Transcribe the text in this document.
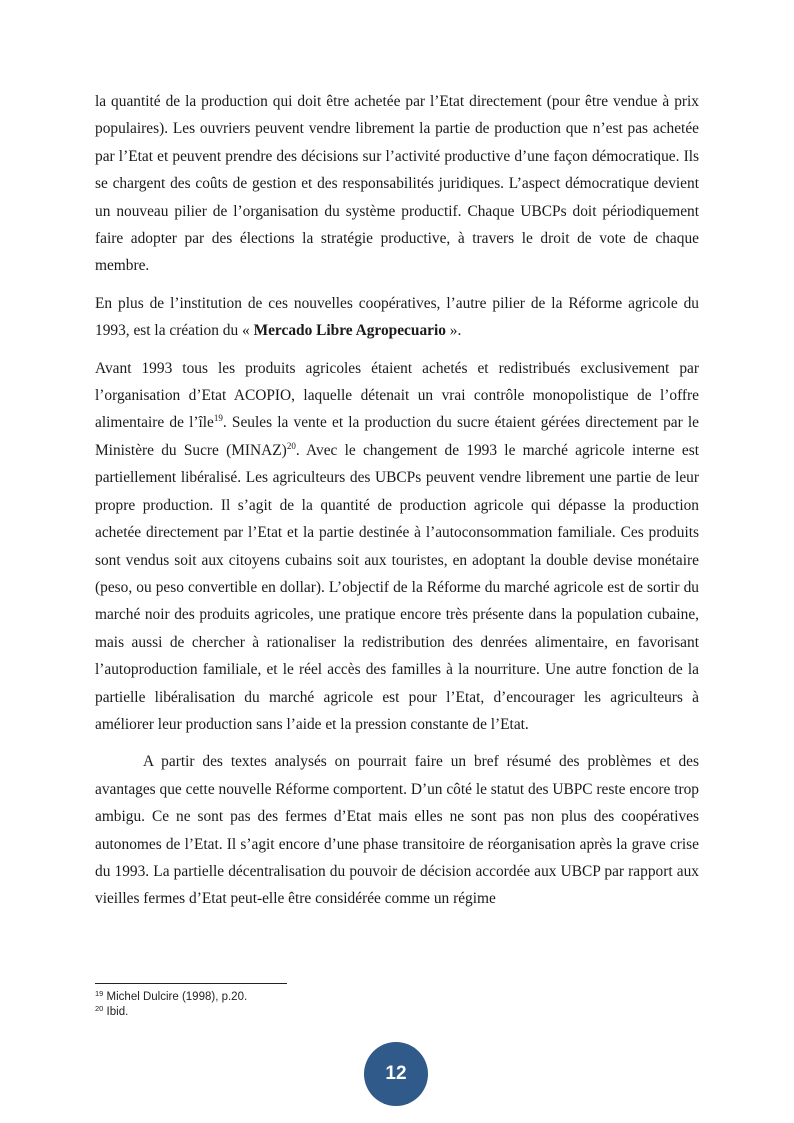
la quantité de la production qui doit être achetée par l’Etat directement (pour être vendue à prix populaires). Les ouvriers peuvent vendre librement la partie de production que n’est pas achetée par l’Etat et peuvent prendre des décisions sur l’activité productive d’une façon démocratique. Ils se chargent des coûts de gestion et des responsabilités juridiques. L’aspect démocratique devient un nouveau pilier de l’organisation du système productif. Chaque UBCPs doit périodiquement faire adopter par des élections la stratégie productive, à travers le droit de vote de chaque membre.

En plus de l’institution de ces nouvelles coopératives, l’autre pilier de la Réforme agricole du 1993, est la création du « Mercado Libre Agropecuario ».

Avant 1993 tous les produits agricoles étaient achetés et redistribués exclusivement par l’organisation d’Etat ACOPIO, laquelle détenait un vrai contrôle monopolistique de l’offre alimentaire de l’île$^{19}$. Seules la vente et la production du sucre étaient gérées directement par le Ministère du Sucre (MINAZ)$^{20}$. Avec le changement de 1993 le marché agricole interne est partiellement libéralisé. Les agriculteurs des UBCPs peuvent vendre librement une partie de leur propre production. Il s’agit de la quantité de production agricole qui dépasse la production achetée directement par l’Etat et la partie destinée à l’autoconsommation familiale. Ces produits sont vendus soit aux citoyens cubains soit aux touristes, en adoptant la double devise monétaire (peso, ou peso convertible en dollar). L’objectif de la Réforme du marché agricole est de sortir du marché noir des produits agricoles, une pratique encore très présente dans la population cubaine, mais aussi de chercher à rationaliser la redistribution des denrées alimentaire, en favorisant l’autoproduction familiale, et le réel accès des familles à la nourriture. Une autre fonction de la partielle libéralisation du marché agricole est pour l’Etat, d’encourager les agriculteurs à améliorer leur production sans l’aide et la pression constante de l’Etat.

A partir des textes analysés on pourrait faire un bref résumé des problèmes et des avantages que cette nouvelle Réforme comportent. D’un côté le statut des UBPC reste encore trop ambigu. Ce ne sont pas des fermes d’Etat mais elles ne sont pas non plus des coopératives autonomes de l’Etat. Il s’agit encore d’une phase transitoire de réorganisation après la grave crise du 1993. La partielle décentralisation du pouvoir de décision accordée aux UBCP par rapport aux vieilles fermes d’Etat peut-elle être considérée comme un régime

$^{19}$ Michel Dulcire (1998), p.20.
$^{20}$ Ibid.
12
